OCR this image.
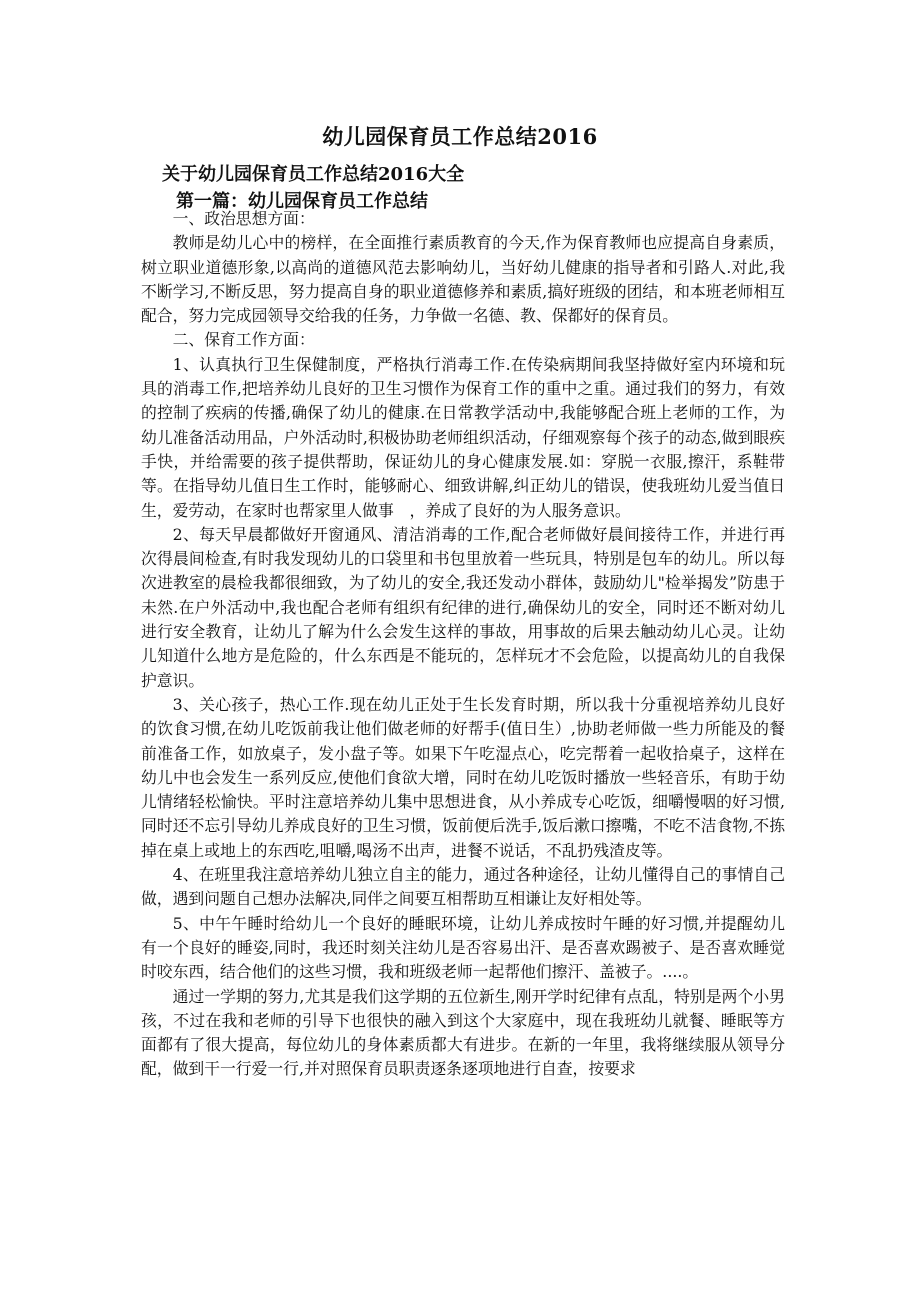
幼儿园保育员工作总结2016
关于幼儿园保育员工作总结2016大全
第一篇：幼儿园保育员工作总结

一、政治思想方面：

教师是幼儿心中的榜样，在全面推行素质教育的今天,作为保育教师也应提高自身素质，树立职业道德形象,以高尚的道德风范去影响幼儿，当好幼儿健康的指导者和引路人.对此,我不断学习,不断反思，努力提高自身的职业道德修养和素质,搞好班级的团结，和本班老师相互配合，努力完成园领导交给我的任务，力争做一名德、教、保都好的保育员。

二、保育工作方面：

1、认真执行卫生保健制度，严格执行消毒工作.在传染病期间我坚持做好室内环境和玩具的消毒工作,把培养幼儿良好的卫生习惯作为保育工作的重中之重。通过我们的努力，有效的控制了疾病的传播,确保了幼儿的健康.在日常教学活动中,我能够配合班上老师的工作，为幼儿准备活动用品，户外活动时,积极协助老师组织活动，仔细观察每个孩子的动态,做到眼疾手快，并给需要的孩子提供帮助，保证幼儿的身心健康发展.如：穿脱一衣服,擦汗，系鞋带等。在指导幼儿值日生工作时，能够耐心、细致讲解,纠正幼儿的错误，使我班幼儿爱当值日生，爱劳动，在家时也帮家里人做事　，养成了良好的为人服务意识。

2、每天早晨都做好开窗通风、清洁消毒的工作,配合老师做好晨间接待工作，并进行再次得晨间检查,有时我发现幼儿的口袋里和书包里放着一些玩具，特别是包车的幼儿。所以每次进教室的晨检我都很细致，为了幼儿的安全,我还发动小群体，鼓励幼儿"检举揭发”防患于未然.在户外活动中,我也配合老师有组织有纪律的进行,确保幼儿的安全，同时还不断对幼儿进行安全教育，让幼儿了解为什么会发生这样的事故，用事故的后果去触动幼儿心灵。让幼儿知道什么地方是危险的，什么东西是不能玩的，怎样玩才不会危险，以提高幼儿的自我保护意识。

3、关心孩子，热心工作.现在幼儿正处于生长发育时期，所以我十分重视培养幼儿良好的饮食习惯,在幼儿吃饭前我让他们做老师的好帮手(值日生）,协助老师做一些力所能及的餐前准备工作，如放桌子，发小盘子等。如果下午吃湿点心，吃完帮着一起收拾桌子，这样在幼儿中也会发生一系列反应,使他们食欲大增，同时在幼儿吃饭时播放一些轻音乐，有助于幼儿情绪轻松愉快。平时注意培养幼儿集中思想进食，从小养成专心吃饭，细嚼慢咽的好习惯,同时还不忘引导幼儿养成良好的卫生习惯，饭前便后洗手,饭后漱口擦嘴，不吃不洁食物,不拣掉在桌上或地上的东西吃,咀嚼,喝汤不出声，进餐不说话，不乱扔残渣皮等。

4、在班里我注意培养幼儿独立自主的能力，通过各种途径，让幼儿懂得自己的事情自己做，遇到问题自己想办法解决,同伴之间要互相帮助互相谦让友好相处等。

5、中午午睡时给幼儿一个良好的睡眠环境，让幼儿养成按时午睡的好习惯,并提醒幼儿有一个良好的睡姿,同时，我还时刻关注幼儿是否容易出汗、是否喜欢踢被子、是否喜欢睡觉时咬东西，结合他们的这些习惯，我和班级老师一起帮他们擦汗、盖被子。....。

通过一学期的努力,尤其是我们这学期的五位新生,刚开学时纪律有点乱，特别是两个小男孩，不过在我和老师的引导下也很快的融入到这个大家庭中，现在我班幼儿就餐、睡眠等方面都有了很大提高，每位幼儿的身体素质都大有进步。在新的一年里，我将继续服从领导分配，做到干一行爱一行,并对照保育员职责逐条逐项地进行自查，按要求
